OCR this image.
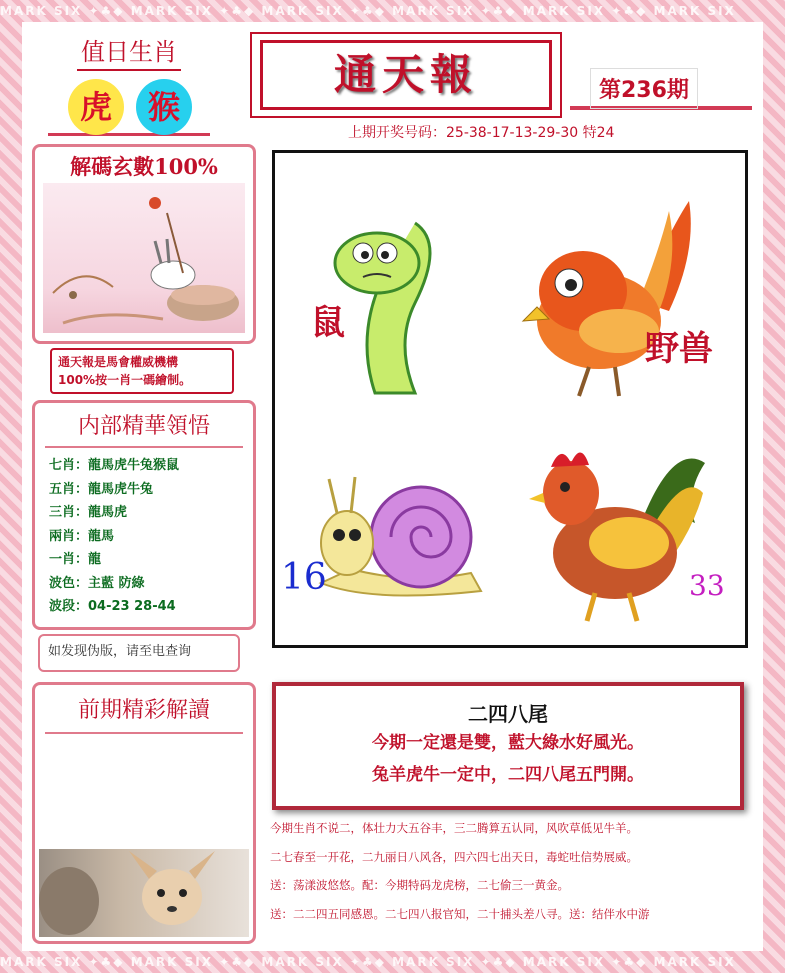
MARK SIX ✦♣◆ MARK SIX ✦♣◆ MARK SIX ✦♣◆ MARK SIX ✦♣◆ MARK SIX ✦♣◆ MARK SIX
MARK SIX ✦♣◆ MARK SIX ✦♣◆ MARK SIX ✦♣◆ MARK SIX ✦♣◆ MARK SIX ✦♣◆ MARK SIX
值日生肖
虎	猴
解碼玄數100%
通天報是馬會權威機構
100%按一肖一碼繪制。
内部精華領悟
七肖：龍馬虎牛兔猴鼠
五肖：龍馬虎牛兔
三肖：龍馬虎
兩肖：龍馬
一肖：龍
波色：主藍 防綠
波段：04-23 28-44
如发现伪版，请至电查询
前期精彩解讀
通天報	第236期
上期开奖号码：25-38-17-13-29-30 特24
鼠
野兽
16	33
二四八尾
今期一定還是雙，藍大綠水好風光。
兔羊虎牛一定中，二四八尾五門開。
今期生肖不说二，体壮力大五谷丰，三二腾算五认同，风吹草低见牛羊。
二七春至一开花，二九丽日八风各，四六四七出天日，毒蛇吐信势展威。
送：荡漾波悠悠。配：今期特码龙虎榜，二七偷三一黄金。
送：二二四五同感恩。二七四八报官知，二十捕头差八寻。送：结伴水中游
